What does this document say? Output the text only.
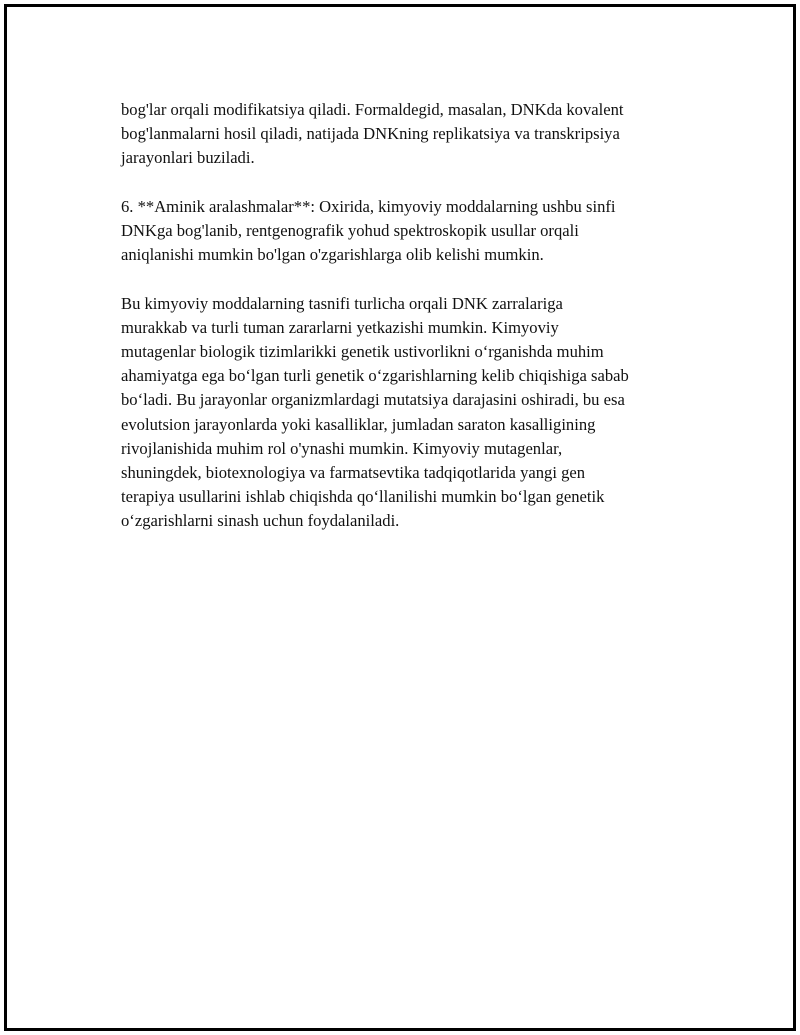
bog'lar orqali modifikatsiya qiladi. Formaldegid, masalan, DNKda kovalent
bog'lanmalarni hosil qiladi, natijada DNKning replikatsiya va transkripsiya
jarayonlari buziladi.

6. **Aminik aralashmalar**: Oxirida, kimyoviy moddalarning ushbu sinfi
DNKga bog'lanib, rentgenografik yohud spektroskopik usullar orqali
aniqlanishi mumkin bo'lgan o'zgarishlarga olib kelishi mumkin.

Bu kimyoviy moddalarning tasnifi turlicha orqali DNK zarralariga
murakkab va turli tuman zararlarni yetkazishi mumkin. Kimyoviy
mutagenlar biologik tizimlarikki genetik ustivorlikni o‘rganishda muhim
ahamiyatga ega bo‘lgan turli genetik o‘zgarishlarning kelib chiqishiga sabab
bo‘ladi. Bu jarayonlar organizmlardagi mutatsiya darajasini oshiradi, bu esa
evolutsion jarayonlarda yoki kasalliklar, jumladan saraton kasalligining
rivojlanishida muhim rol o'ynashi mumkin. Kimyoviy mutagenlar,
shuningdek, biotexnologiya va farmatsevtika tadqiqotlarida yangi gen
terapiya usullarini ishlab chiqishda qo‘llanilishi mumkin bo‘lgan genetik
o‘zgarishlarni sinash uchun foydalaniladi.
